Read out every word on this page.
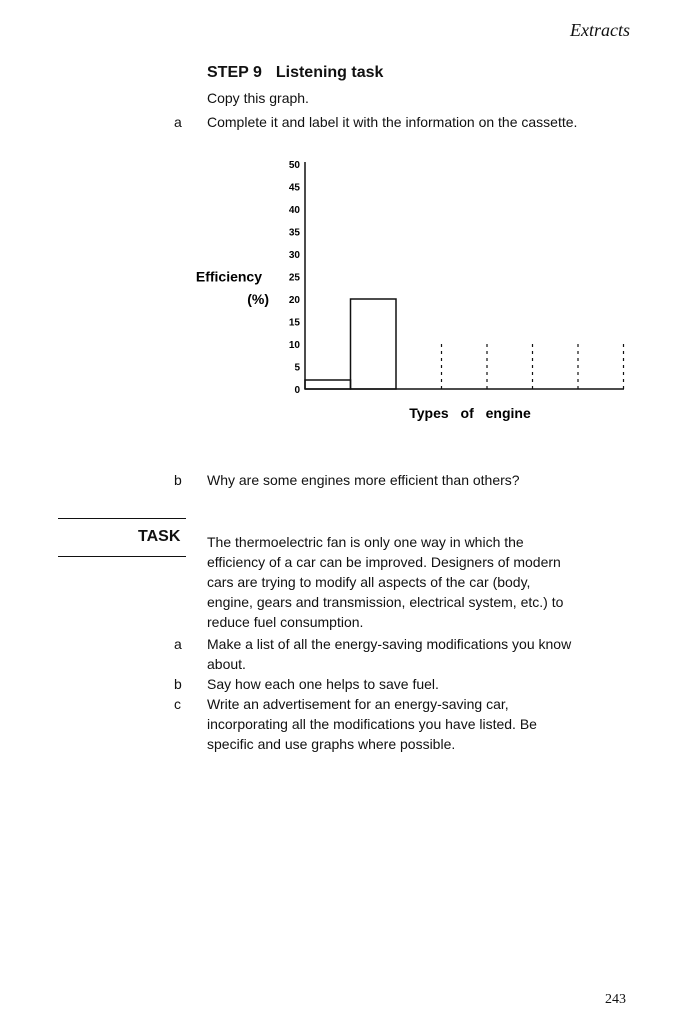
Extracts
STEP 9 Listening task
Copy this graph.
a Complete it and label it with the information on the cassette.
0
5
10
15
20
25
30
35
40
45
50
Efficiency
(%)
Types of engine
b Why are some engines more efficient than others?
TASK The thermoelectric fan is only one way in which the
efficiency of a car can be improved. Designers of modern
cars are trying to modify all aspects of the car (body,
engine, gears and transmission, electrical system, etc.) to
reduce fuel consumption.
a Make a list of all the energy-saving modifications you know
about.
b Say how each one helps to save fuel.
c Write an advertisement for an energy-saving car,
incorporating all the modifications you have listed. Be
specific and use graphs where possible.
243
